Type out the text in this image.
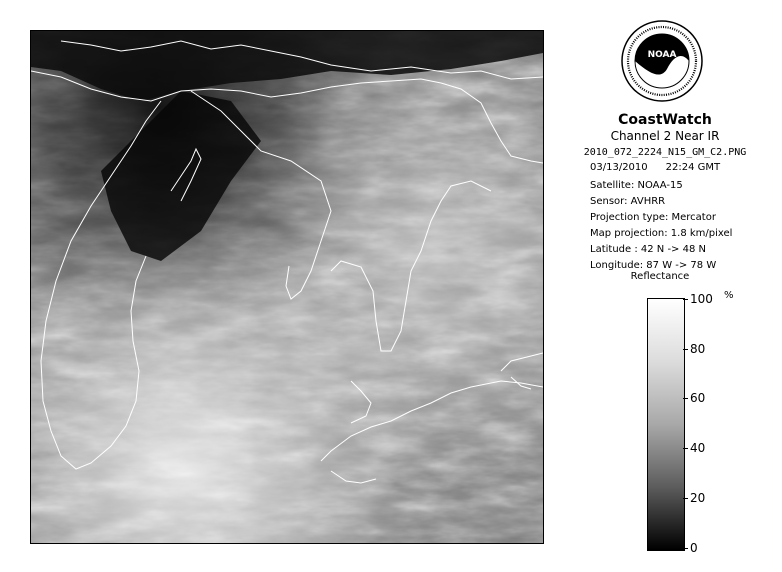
NOAA
CoastWatch
Channel 2 Near IR
2010_072_2224_N15_GM_C2.PNG
03/13/2010 22:24 GMT
Satellite: NOAA-15
Sensor: AVHRR
Projection type: Mercator
Map projection: 1.8 km/pixel
Latitude : 42 N -> 48 N
Longitude: 87 W -> 78 W
Reflectance
%
100
80
60
40
20
0
